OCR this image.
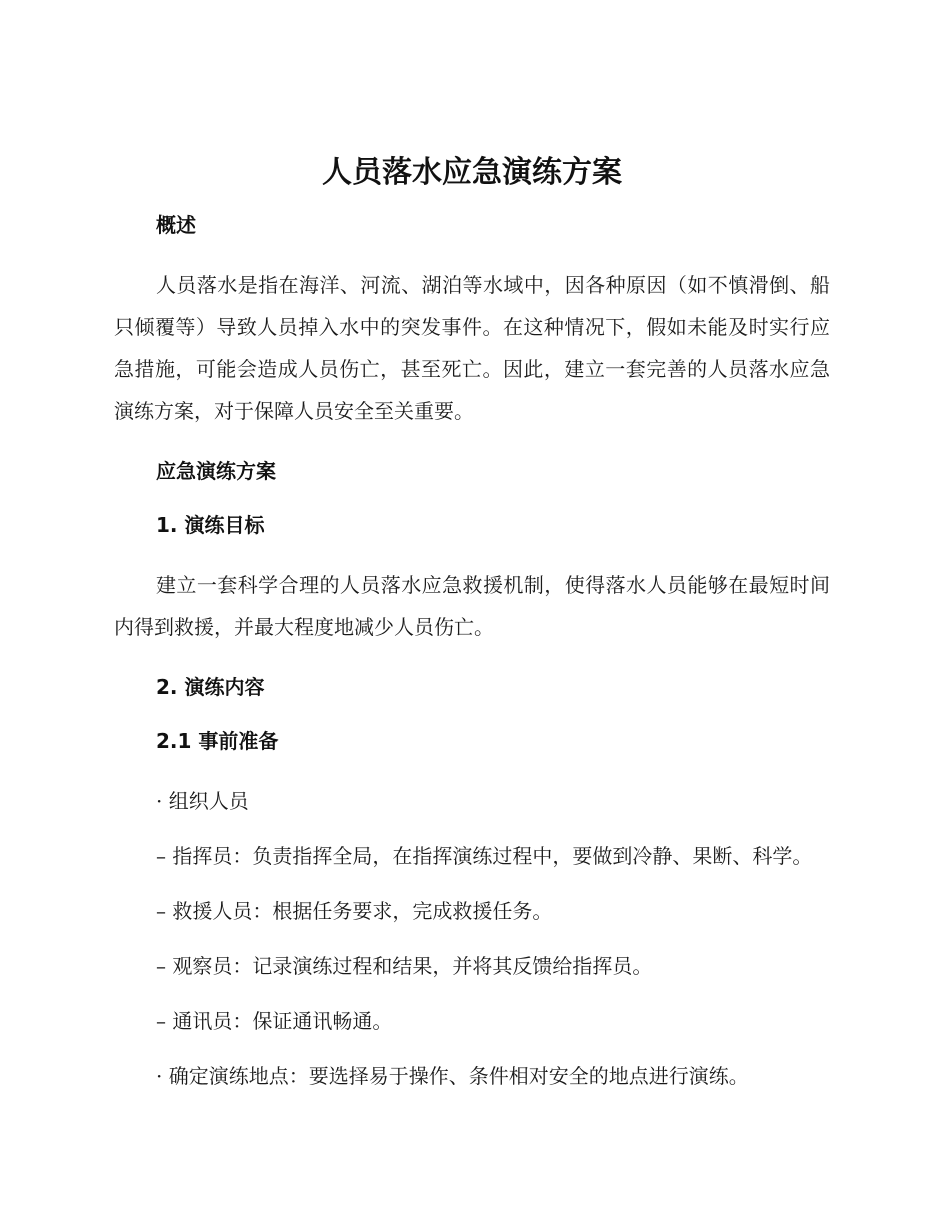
人员落水应急演练方案
概述

人员落水是指在海洋、河流、湖泊等水域中，因各种原因（如不慎滑倒、船只倾覆等）导致人员掉入水中的突发事件。在这种情况下，假如未能及时实行应急措施，可能会造成人员伤亡，甚至死亡。因此，建立一套完善的人员落水应急演练方案，对于保障人员安全至关重要。

应急演练方案
1. 演练目标

建立一套科学合理的人员落水应急救援机制，使得落水人员能够在最短时间内得到救援，并最大程度地减少人员伤亡。

2. 演练内容
2.1 事前准备

· 组织人员

– 指挥员：负责指挥全局，在指挥演练过程中，要做到冷静、果断、科学。

– 救援人员：根据任务要求，完成救援任务。

– 观察员：记录演练过程和结果，并将其反馈给指挥员。

– 通讯员：保证通讯畅通。

· 确定演练地点：要选择易于操作、条件相对安全的地点进行演练。
